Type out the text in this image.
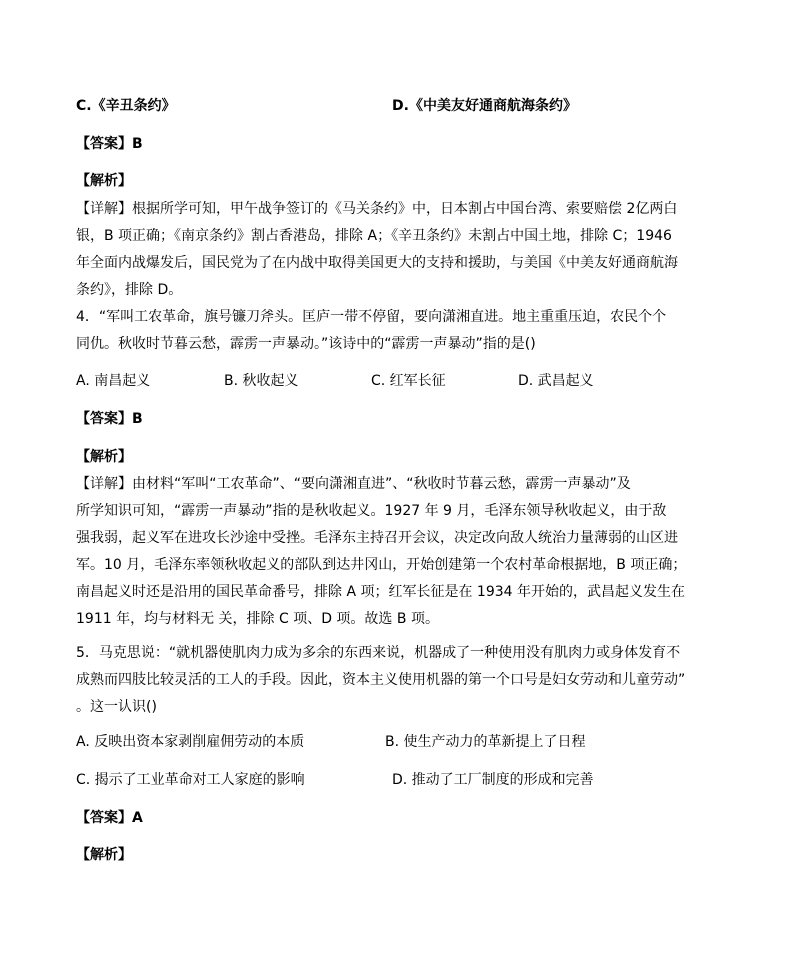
C.《辛丑条约》	D.《中美友好通商航海条约》
【答案】B
【解析】
【详解】根据所学可知，甲午战争签订的《马关条约》中，日本割占中国台湾、索要赔偿 2亿两白
银，B 项正确；《南京条约》割占香港岛，排除 A；《辛丑条约》未割占中国土地，排除 C；1946
年全面内战爆发后，国民党为了在内战中取得美国更大的支持和援助，与美国《中美友好通商航海
条约》，排除 D。
4．“军叫工农革命，旗号镰刀斧头。匡庐一带不停留，要向潇湘直进。地主重重压迫，农民个个
同仇。秋收时节暮云愁，霹雳一声暴动。”该诗中的“霹雳一声暴动”指的是()
A. 南昌起义	B. 秋收起义	C. 红军长征	D. 武昌起义
【答案】B
【解析】
【详解】由材料“军叫“工农革命”、“要向潇湘直进”、“秋收时节暮云愁，霹雳一声暴动”及
所学知识可知，“霹雳一声暴动”指的是秋收起义。1927 年 9 月，毛泽东领导秋收起义，由于敌
强我弱，起义军在进攻长沙途中受挫。毛泽东主持召开会议，决定改向敌人统治力量薄弱的山区进
军。10 月，毛泽东率领秋收起义的部队到达井冈山，开始创建第一个农村革命根据地，B 项正确；
南昌起义时还是沿用的国民革命番号，排除 A 项；红军长征是在 1934 年开始的，武昌起义发生在
1911 年，均与材料无 关，排除 C 项、D 项。故选 B 项。
5．马克思说：“就机器使肌肉力成为多余的东西来说，机器成了一种使用没有肌肉力或身体发育不
成熟而四肢比较灵活的工人的手段。因此，资本主义使用机器的第一个口号是妇女劳动和儿童劳动”
。这一认识()
A. 反映出资本家剥削雇佣劳动的本质	B. 使生产动力的革新提上了日程
C. 揭示了工业革命对工人家庭的影响	D. 推动了工厂制度的形成和完善
【答案】A
【解析】
